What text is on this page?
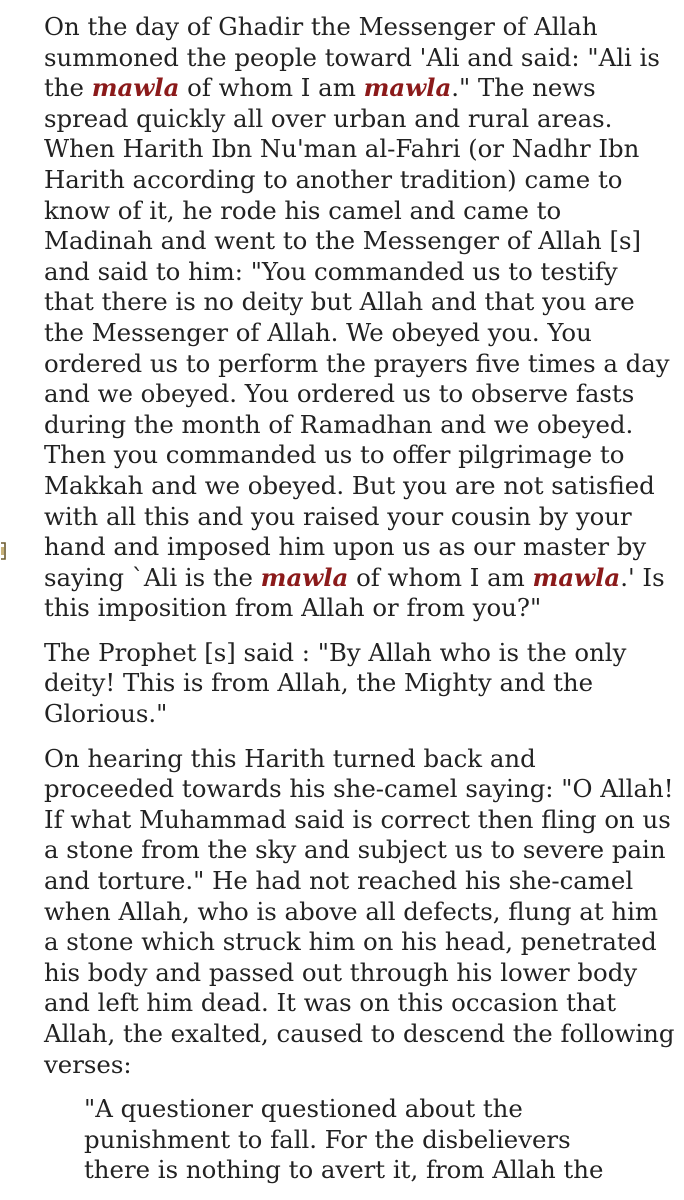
On the day of Ghadir the Messenger of Allah
summoned the people toward 'Ali and said: "Ali is
the mawla of whom I am mawla." The news
spread quickly all over urban and rural areas.
When Harith Ibn Nu'man al-Fahri (or Nadhr Ibn
Harith according to another tradition) came to
know of it, he rode his camel and came to
Madinah and went to the Messenger of Allah [s]
and said to him: "You commanded us to testify
that there is no deity but Allah and that you are
the Messenger of Allah. We obeyed you. You
ordered us to perform the prayers five times a day
and we obeyed. You ordered us to observe fasts
during the month of Ramadhan and we obeyed.
Then you commanded us to offer pilgrimage to
Makkah and we obeyed. But you are not satisfied
with all this and you raised your cousin by your
hand and imposed him upon us as our master by
saying `Ali is the mawla of whom I am mawla.' Is
this imposition from Allah or from you?"
The Prophet [s] said : "By Allah who is the only
deity! This is from Allah, the Mighty and the
Glorious."
On hearing this Harith turned back and
proceeded towards his she-camel saying: "O Allah!
If what Muhammad said is correct then fling on us
a stone from the sky and subject us to severe pain
and torture." He had not reached his she-camel
when Allah, who is above all defects, flung at him
a stone which struck him on his head, penetrated
his body and passed out through his lower body
and left him dead. It was on this occasion that
Allah, the exalted, caused to descend the following
verses:
"A questioner questioned about the
punishment to fall. For the disbelievers
there is nothing to avert it, from Allah the
